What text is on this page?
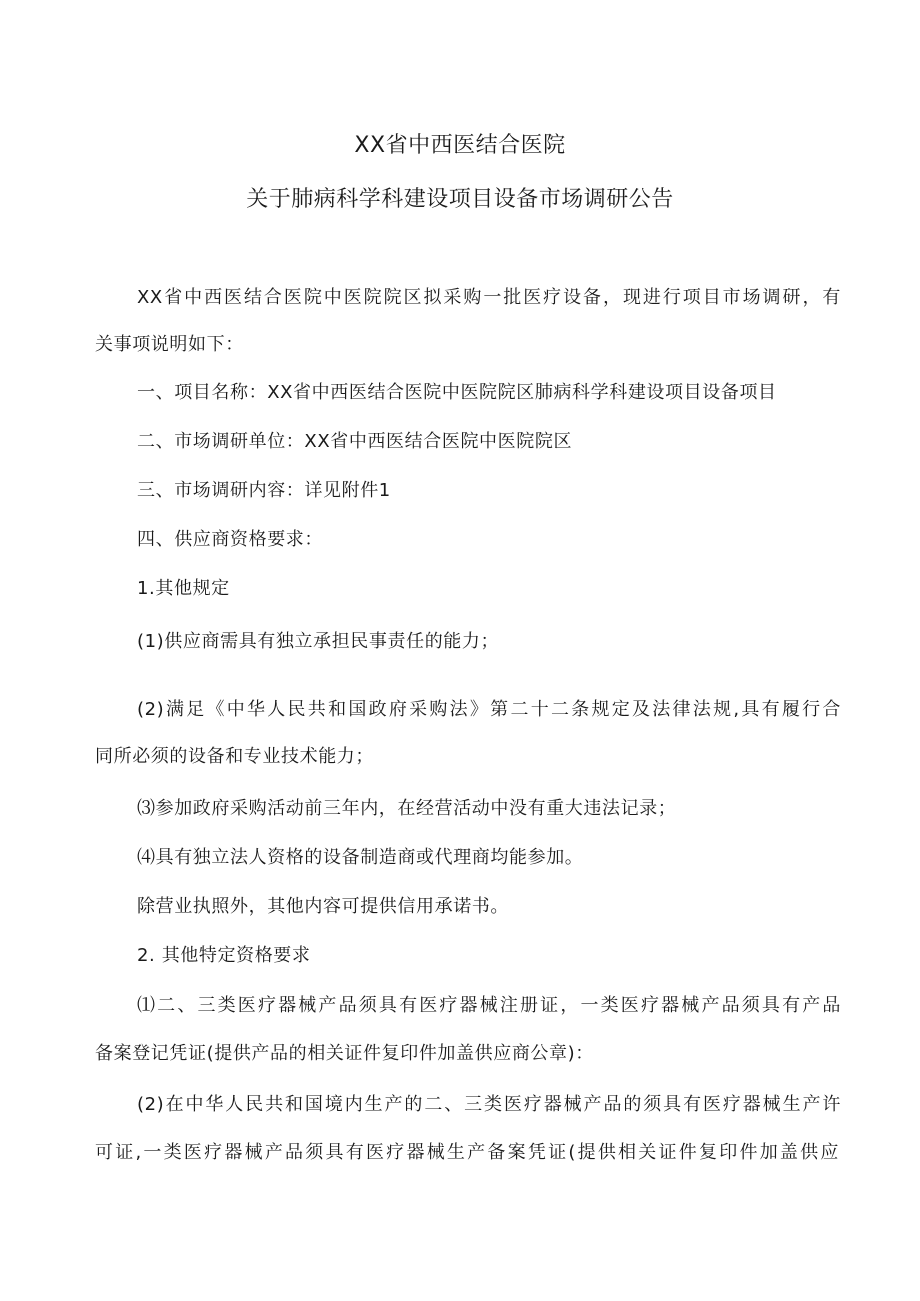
XX省中西医结合医院
关于肺病科学科建设项目设备市场调研公告
XX省中西医结合医院中医院院区拟采购一批医疗设备，现进行项目市场调研，有
关事项说明如下：
一、项目名称：XX省中西医结合医院中医院院区肺病科学科建设项目设备项目
二、市场调研单位：XX省中西医结合医院中医院院区
三、市场调研内容：详见附件1
四、供应商资格要求：
1.其他规定
(1)供应商需具有独立承担民事责任的能力；
(2)满足《中华人民共和国政府采购法》第二十二条规定及法律法规,具有履行合
同所必须的设备和专业技术能力；
⑶参加政府采购活动前三年内，在经营活动中没有重大违法记录；
⑷具有独立法人资格的设备制造商或代理商均能参加。
除营业执照外，其他内容可提供信用承诺书。
2. 其他特定资格要求
⑴二、三类医疗器械产品须具有医疗器械注册证，一类医疗器械产品须具有产品
备案登记凭证(提供产品的相关证件复印件加盖供应商公章)：
(2)在中华人民共和国境内生产的二、三类医疗器械产品的须具有医疗器械生产许
可证,一类医疗器械产品须具有医疗器械生产备案凭证(提供相关证件复印件加盖供应
